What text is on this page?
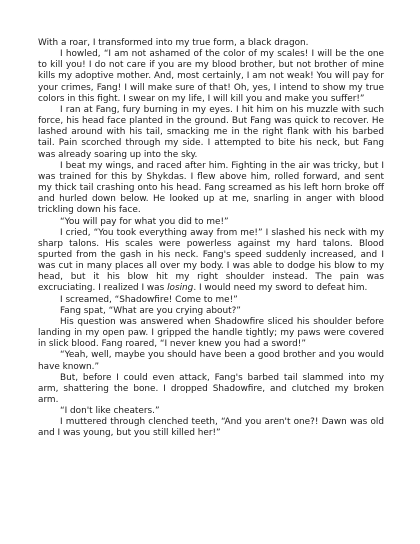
With a roar, I transformed into my true form, a black dragon.

I howled, “I am not ashamed of the color of my scales! I will be the one to kill you! I do not care if you are my blood brother, but not brother of mine kills my adoptive mother. And, most certainly, I am not weak! You will pay for your crimes, Fang! I will make sure of that! Oh, yes, I intend to show my true colors in this fight. I swear on my life, I will kill you and make you suffer!”

I ran at Fang, fury burning in my eyes. I hit him on his muzzle with such force, his head face planted in the ground. But Fang was quick to recover. He lashed around with his tail, smacking me in the right flank with his barbed tail. Pain scorched through my side. I attempted to bite his neck, but Fang was already soaring up into the sky.

I beat my wings, and raced after him. Fighting in the air was tricky, but I was trained for this by Shykdas. I flew above him, rolled forward, and sent my thick tail crashing onto his head. Fang screamed as his left horn broke off and hurled down below. He looked up at me, snarling in anger with blood trickling down his face.

“You will pay for what you did to me!”

I cried, “You took everything away from me!” I slashed his neck with my sharp talons. His scales were powerless against my hard talons. Blood spurted from the gash in his neck. Fang's speed suddenly increased, and I was cut in many places all over my body. I was able to dodge his blow to my head, but it his blow hit my right shoulder instead. The pain was excruciating. I realized I was losing. I would need my sword to defeat him.

I screamed, “Shadowfire! Come to me!”

Fang spat, “What are you crying about?”

His question was answered when Shadowfire sliced his shoulder before landing in my open paw. I gripped the handle tightly; my paws were covered in slick blood. Fang roared, “I never knew you had a sword!”

“Yeah, well, maybe you should have been a good brother and you would have known.”

But, before I could even attack, Fang's barbed tail slammed into my arm, shattering the bone. I dropped Shadowfire, and clutched my broken arm.

“I don't like cheaters.”

I muttered through clenched teeth, “And you aren't one?! Dawn was old and I was young, but you still killed her!”
